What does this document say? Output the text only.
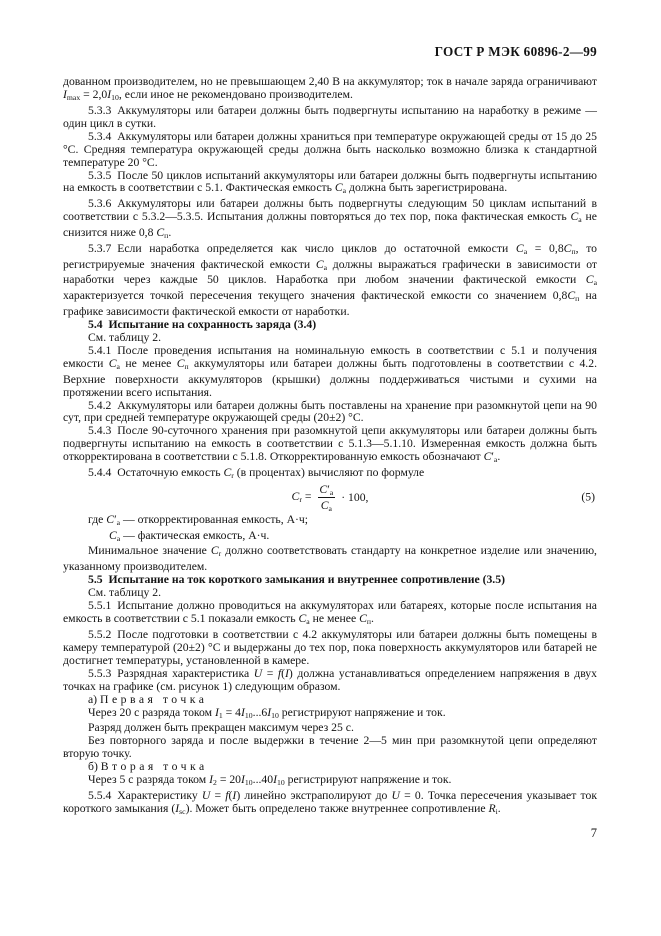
ГОСТ Р МЭК 60896-2—99

дованном производителем, но не превышающем 2,40 В на аккумулятор; ток в начале заряда ограничивают Imax = 2,0I10, если иное не рекомендовано производителем.

5.3.3 Аккумуляторы или батареи должны быть подвергнуты испытанию на наработку в режиме — один цикл в сутки.

5.3.4 Аккумуляторы или батареи должны храниться при температуре окружающей среды от 15 до 25 °С. Средняя температура окружающей среды должна быть насколько возможно близка к стандартной температуре 20 °С.

5.3.5 После 50 циклов испытаний аккумуляторы или батареи должны быть подвергнуты испытанию на емкость в соответствии с 5.1. Фактическая емкость Cа должна быть зарегистрирована.

5.3.6 Аккумуляторы или батареи должны быть подвергнуты следующим 50 циклам испытаний в соответствии с 5.3.2—5.3.5. Испытания должны повторяться до тех пор, пока фактическая емкость Cа не снизится ниже 0,8 Cп.

5.3.7 Если наработка определяется как число циклов до остаточной емкости Cа = 0,8Cп, то регистрируемые значения фактической емкости Cа должны выражаться графически в зависимости от наработки через каждые 50 циклов. Наработка при любом значении фактической емкости Cа характеризуется точкой пересечения текущего значения фактической емкости со значением 0,8Cп на графике зависимости фактической емкости от наработки.

5.4 Испытание на сохранность заряда (3.4)

См. таблицу 2.

5.4.1 После проведения испытания на номинальную емкость в соответствии с 5.1 и получения емкости Cа не менее Cп аккумуляторы или батареи должны быть подготовлены в соответствии с 4.2. Верхние поверхности аккумуляторов (крышки) должны поддерживаться чистыми и сухими на протяжении всего испытания.

5.4.2 Аккумуляторы или батареи должны быть поставлены на хранение при разомкнутой цепи на 90 сут, при средней температуре окружающей среды (20±2) °С.

5.4.3 После 90-суточного хранения при разомкнутой цепи аккумуляторы или батареи должны быть подвергнуты испытанию на емкость в соответствии с 5.1.3—5.1.10. Измеренная емкость должна быть откорректирована в соответствии с 5.1.8. Откорректированную емкость обозначают C′а.

5.4.4 Остаточную емкость Cr (в процентах) вычисляют по формуле

$Cr = \frac{C'а}{Cа} \cdot 100$,	(5)

где C′а — откорректированная емкость, А·ч;

Cа — фактическая емкость, А·ч.

Минимальное значение Cr должно соответствовать стандарту на конкретное изделие или значению, указанному производителем.

5.5 Испытание на ток короткого замыкания и внутреннее сопротивление (3.5)

См. таблицу 2.

5.5.1 Испытание должно проводиться на аккумуляторах или батареях, которые после испытания на емкость в соответствии с 5.1 показали емкость Cа не менее Cп.

5.5.2 После подготовки в соответствии с 4.2 аккумуляторы или батареи должны быть помещены в камеру температурой (20±2) °С и выдержаны до тех пор, пока поверхность аккумуляторов или батарей не достигнет температуры, установленной в камере.

5.5.3 Разрядная характеристика U = f(I) должна устанавливаться определением напряжения в двух точках на графике (см. рисунок 1) следующим образом.

а) Первая точка

Через 20 с разряда током I1 = 4I10...6I10 регистрируют напряжение и ток.

Разряд должен быть прекращен максимум через 25 с.

Без повторного заряда и после выдержки в течение 2—5 мин при разомкнутой цепи определяют вторую точку.

б) Вторая точка

Через 5 с разряда током I2 = 20I10...40I10 регистрируют напряжение и ток.

5.5.4 Характеристику U = f(I) линейно экстраполируют до U = 0. Точка пересечения указывает ток короткого замыкания (Isc). Может быть определено также внутреннее сопротивление Ri.

7
